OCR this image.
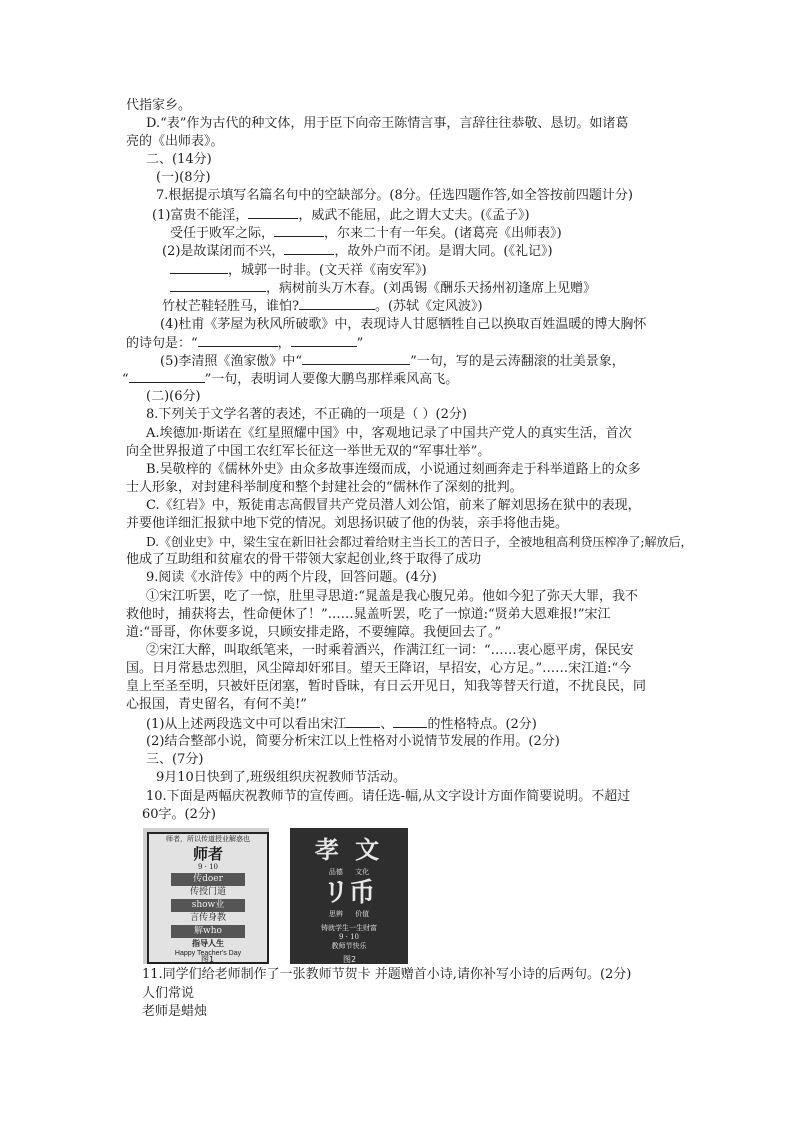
代指家乡。
D.“表”作为古代的种文体，用于臣下向帝王陈情言事，言辞往往恭敬、恳切。如诸葛
亮的《出师表》。
二、(14分)
(一)(8分)
7.根据提示填写名篇名句中的空缺部分。(8分。任选四题作答,如全答按前四题计分)
(1)富贵不能淫，	，威武不能屈，此之谓大丈夫。(《孟子》)
受任于败军之际，	，尔来二十有一年矣。(诸葛亮《出师表》)
(2)是故谋闭而不兴，	，故外户而不闭。是谓大同。(《礼记》)
，城郭一时非。(文天祥《南安军》)
，病树前头万木春。(刘禹锡《酬乐天扬州初逢席上见赠》
竹杖芒鞋轻胜马，谁怕?	。(苏轼《定风波》)
(4)杜甫《茅屋为秋风所破歌》中，表现诗人甘愿牺牲自己以换取百姓温暖的博大胸怀
的诗句是：“	，	”
(5)李清照《渔家傲》中“	”一句，写的是云涛翻滚的壮美景象，
“	”一句，表明词人要像大鹏鸟那样乘风高飞。
(二)(6分)
8.下列关于文学名著的表述，不正确的一项是（ ）(2分)
A.埃德加·斯诺在《红星照耀中国》中，客观地记录了中国共产党人的真实生活，首次
向全世界报道了中国工农红军长征这一举世无双的“军事壮举”。
B.吴敬梓的《儒林外史》由众多故事连缀而成，小说通过刻画奔走于科举道路上的众多
士人形象，对封建科举制度和整个封建社会的“儒林作了深刻的批判。
C.《红岩》中，叛徒甫志高假冒共产党员潜人刘公馆，前来了解刘思扬在狱中的表现，
并要他详细汇报狱中地下党的情况。刘思扬识破了他的伪装，亲手将他击毙。
D.《创业史》中，梁生宝在新旧社会都过着给财主当长工的苦日子，全被地租高利贷压榨净了;解放后，
他成了互助组和贫雇农的骨干带领大家起创业,终于取得了成功
9.阅读《水浒传》中的两个片段，回答问题。(4分)
①宋江听罢，吃了一惊，肚里寻思道:“晁盖是我心腹兄弟。他如今犯了弥天大罪，我不
救他时，捕获将去，性命便休了！”……晁盖听罢，吃了一惊道:“贤弟大恩难报!”宋江
道:“哥哥，你休要多说，只顾安排走路，不要缠障。我便回去了。”
②宋江大醉，叫取纸笔来，一时乘着酒兴，作满江红一词：“……衷心愿平虏，保民安
国。日月常悬忠烈胆，风尘障却奸邪目。望天王降诏，早招安，心方足。”……宋江道:“今
皇上至圣至明，只被奸臣闭塞，暂时昏昧，有日云开见日，知我等替天行道，不扰良民，同
心报国，青史留名，有何不美!”
(1)从上述两段选文中可以看出宋江	、	的性格特点。(2分)
(2)结合整部小说，简要分析宋江以上性格对小说情节发展的作用。(2分)
三、(7分)
9月10日快到了,班级组织庆祝教师节活动。
10.下面是两幅庆祝教师节的宣传画。请任选-幅,从文字设计方面作简要说明。不超过
60字。(2分)
师者，所以传道授业解惑也
师者
9 · 10
传doer
传授门道
show业
言传身教
解who
指导人生
Happy Teacher's Day
图1
孝 文
品德 文化
リ币
思辨 价值
铸就学生一生财富
9 · 10
教师节快乐
图2
11.同学们给老师制作了一张教师节贺卡 并题赠首小诗,请你补写小诗的后两句。(2分)
人们常说
老师是蜡烛
